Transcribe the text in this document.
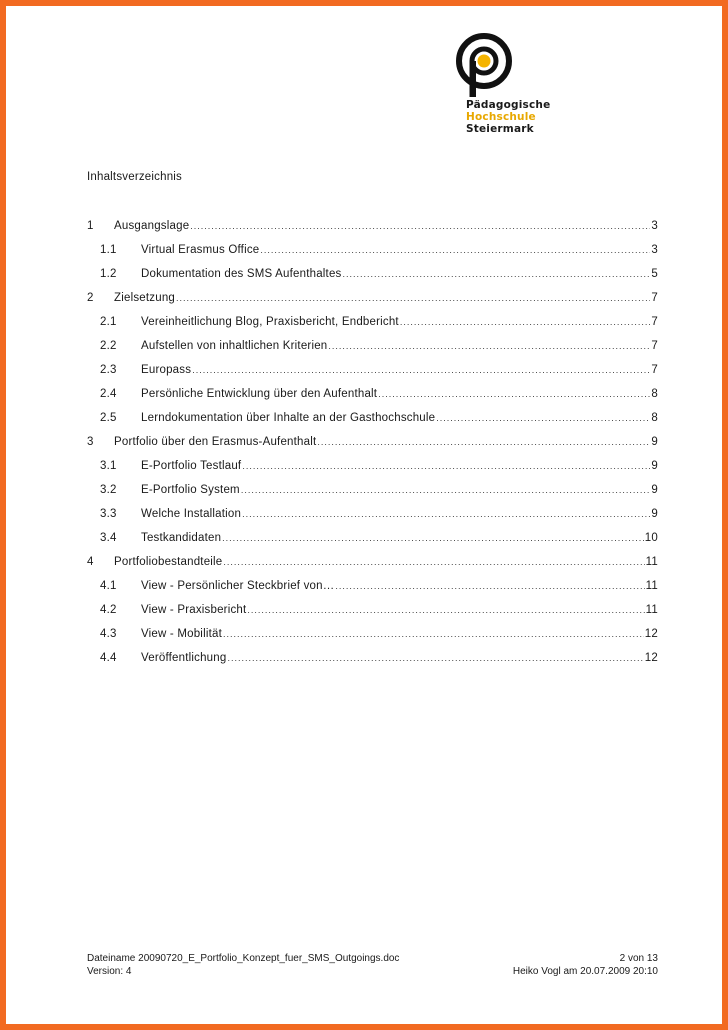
Pädagogische
Hochschule
Steiermark
Inhaltsverzeichnis
1	Ausgangslage .....	3
1.1	Virtual Erasmus Office .....	3
1.2	Dokumentation des SMS Aufenthaltes .....	5
2	Zielsetzung .....	7
2.1	Vereinheitlichung Blog, Praxisbericht, Endbericht .....	7
2.2	Aufstellen von inhaltlichen Kriterien .....	7
2.3	Europass .....	7
2.4	Persönliche Entwicklung über den Aufenthalt .....	8
2.5	Lerndokumentation über Inhalte an der Gasthochschule .....	8
3	Portfolio über den Erasmus-Aufenthalt .....	9
3.1	E-Portfolio Testlauf .....	9
3.2	E-Portfolio System .....	9
3.3	Welche Installation .....	9
3.4	Testkandidaten .....	10
4	Portfoliobestandteile .....	11
4.1	View - Persönlicher Steckbrief von… .....	11
4.2	View - Praxisbericht .....	11
4.3	View - Mobilität .....	12
4.4	Veröffentlichung .....	12
Dateiname 20090720_E_Portfolio_Konzept_fuer_SMS_Outgoings.doc	2 von 13
Version: 4	Heiko Vogl am 20.07.2009 20:10
